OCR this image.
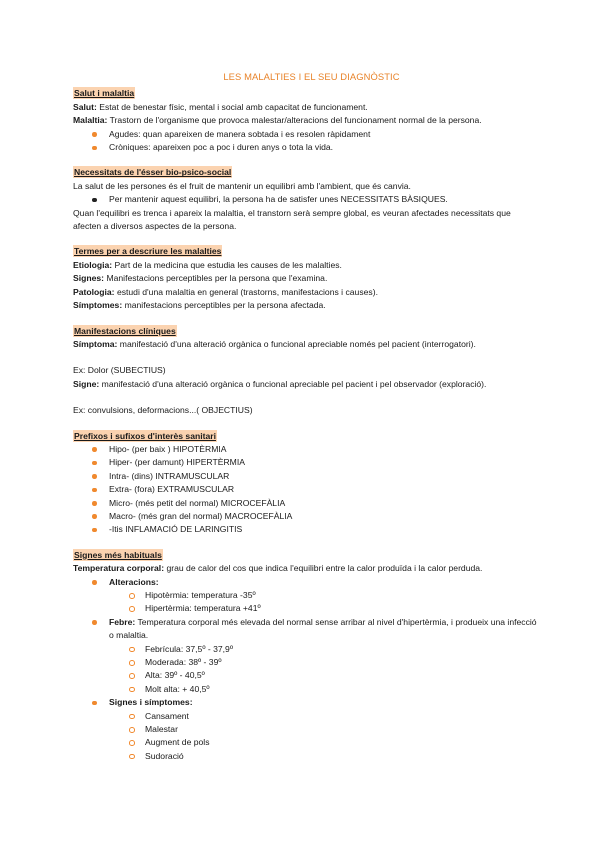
LES MALALTIES I EL SEU DIAGNÒSTIC
Salut i malaltia

Salut: Estat de benestar físic, mental i social amb capacitat de funcionament.

Malaltia: Trastorn de l'organisme que provoca malestar/alteracions del funcionament normal de la persona.

Agudes: quan apareixen de manera sobtada i es resolen ràpidament
Cròniques: apareixen poc a poc i duren anys o tota la vida.
Necessitats de l'ésser bio-psico-social

La salut de les persones és el fruit de mantenir un equilibri amb l'ambient, que és canvia.

Per mantenir aquest equilibri, la persona ha de satisfer unes NECESSITATS BÀSIQUES.

Quan l'equilibri es trenca i apareix la malaltia, el transtorn serà sempre global, es veuran afectades necessitats que afecten a diversos aspectes de la persona.

Termes per a descriure les malalties

Etiologia: Part de la medicina que estudia les causes de les malalties.

Signes: Manifestacions perceptibles per la persona que l'examina.

Patologia: estudi d'una malaltia en general (trastorns, manifestacions i causes).

Símptomes: manifestacions perceptibles per la persona afectada.

Manifestacions clíniques

Símptoma: manifestació d'una alteració orgànica o funcional apreciable només pel pacient (interrogatori).

Ex: Dolor (SUBECTIUS)

Signe: manifestació d'una alteració orgànica o funcional apreciable pel pacient i pel observador (exploració).

Ex: convulsions, deformacions...( OBJECTIUS)

Prefixos i sufixos d'interès sanitari
Hipo- (per baix ) HIPOTÈRMIA
Hiper- (per damunt) HIPERTÈRMIA
Intra- (dins) INTRAMUSCULAR
Extra- (fora) EXTRAMUSCULAR
Micro- (més petit del normal) MICROCEFÀLIA
Macro- (més gran del normal) MACROCEFÀLIA
-Itis INFLAMACIÓ DE LARINGITIS
Signes més habituals

Temperatura corporal: grau de calor del cos que indica l'equilibri entre la calor produïda i la calor perduda.

Alteracions:
Hipotèrmia: temperatura -35º
Hipertèrmia: temperatura +41º
Febre: Temperatura corporal més elevada del normal sense arribar al nivel d'hipertèrmia, i produeix una infecció o malaltia.
Febrícula: 37,5º - 37,9º
Moderada: 38º - 39º
Alta: 39º - 40,5º
Molt alta: + 40,5º
Signes i símptomes:
Cansament
Malestar
Augment de pols
Sudoració
